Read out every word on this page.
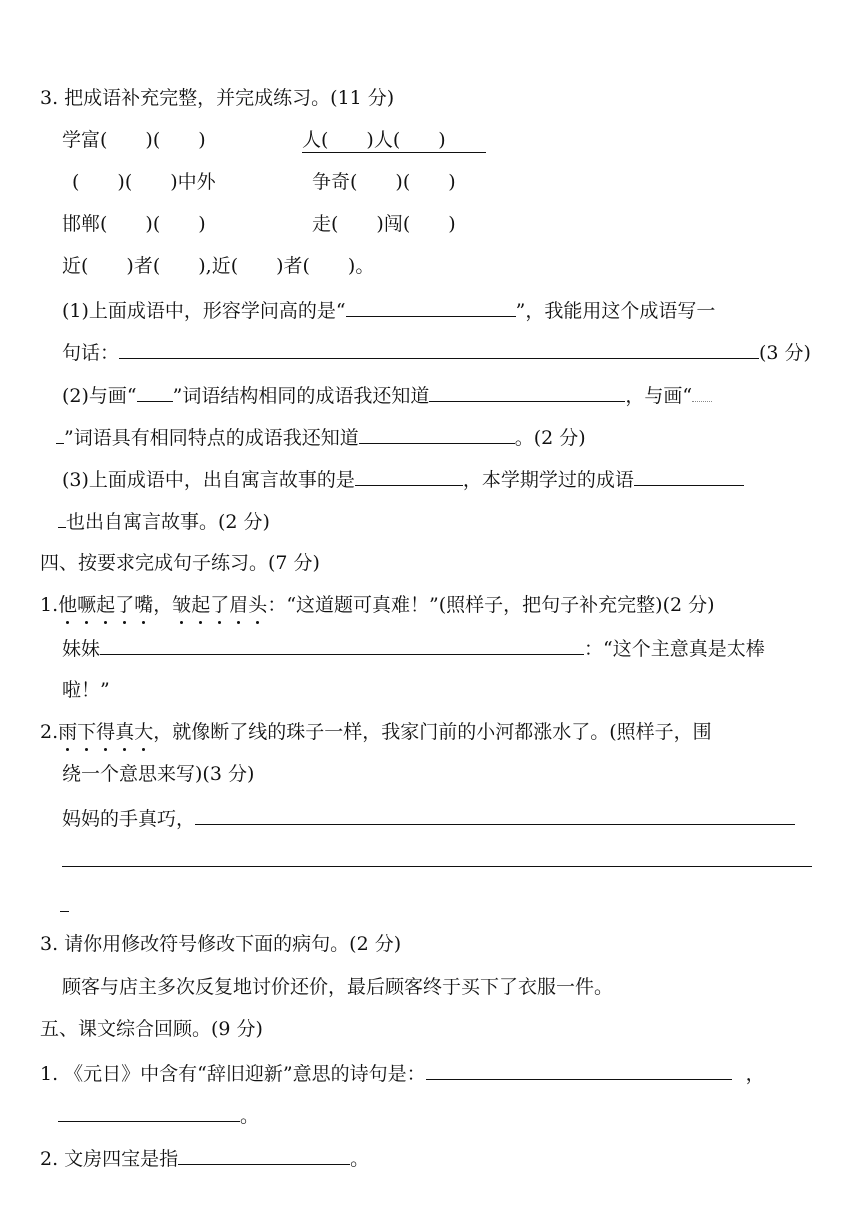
3. 把成语补充完整，并完成练习。(11 分)
学富(　　)(　　)	人(　　)人(　　)
(　　)(　　)中外	争奇(　　)(　　)
邯郸(　　)(　　)	走(　　)闯(　　)
近(　　)者(　　),近(　　)者(　　)。
(1)上面成语中，形容学问高的是“	”，我能用这个成语写一
句话：	(3 分)
(2)与画“ ”词语结构相同的成语我还知道	，与画“
”词语具有相同特点的成语我还知道	。(2 分)
(3)上面成语中，出自寓言故事的是	，本学期学过的成语
也出自寓言故事。(2 分)
四、按要求完成句子练习。(7 分)
1.他噘起了嘴，皱起了眉头：“这道题可真难！”(照样子，把句子补充完整)(2 分)
妹妹	：“这个主意真是太棒
啦！”
2.雨下得真大，就像断了线的珠子一样，我家门前的小河都涨水了。(照样子，围
绕一个意思来写)(3 分)
妈妈的手真巧，
3. 请你用修改符号修改下面的病句。(2 分)
顾客与店主多次反复地讨价还价，最后顾客终于买下了衣服一件。
五、课文综合回顾。(9 分)
1. 《元日》中含有“辞旧迎新”意思的诗句是：	，
。
2. 文房四宝是指	。
